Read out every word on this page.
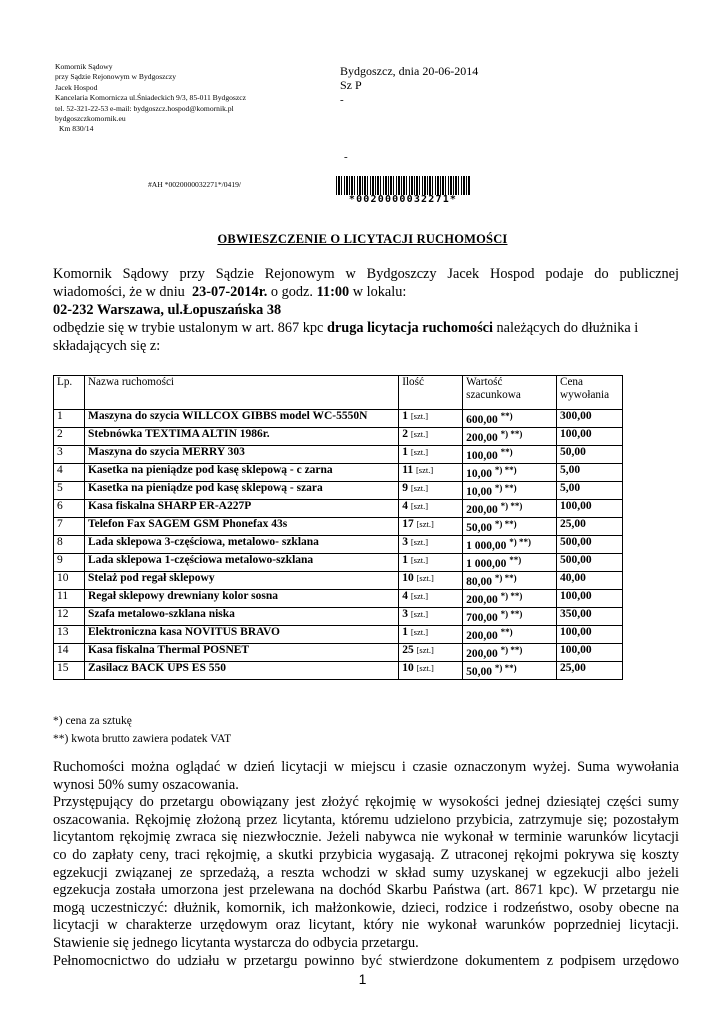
Komornik Sądowy
przy Sądzie Rejonowym w Bydgoszczy
Jacek Hospod
Kancelaria Komornicza ul.Śniadeckich 9/3, 85-011 Bydgoszcz
tel. 52-321-22-53 e-mail: bydgoszcz.hospod@komornik.pl
bydgoszczkomornik.eu
Km 830/14
Bydgoszcz, dnia 20-06-2014
Sz P
-
-
#AH *0020000032271*/0419/
*0020000032271*
OBWIESZCZENIE O LICYTACJI RUCHOMOŚCI

Komornik Sądowy przy Sądzie Rejonowym w Bydgoszczy Jacek Hospod podaje do publicznej

wiadomości, że w dniu 23-07-2014r. o godz. 11:00 w lokalu:

02-232 Warszawa, ul.Łopuszańska 38

odbędzie się w trybie ustalonym w art. 867 kpc druga licytacja ruchomości należących do dłużnika i

składających się z:

Lp.	Nazwa ruchomości	Ilość	Wartość
szacunkowa	Cena
wywołania
1	Maszyna do szycia WILLCOX GIBBS model WC-5550N	1 [szt.]	600,00 **)	300,00
2	Stebnówka TEXTIMA ALTIN 1986r.	2 [szt.]	200,00 *) **)	100,00
3	Maszyna do szycia MERRY 303	1 [szt.]	100,00 **)	50,00
4	Kasetka na pieniądze pod kasę sklepową - c zarna	11 [szt.]	10,00 *) **)	5,00
5	Kasetka na pieniądze pod kasę sklepową - szara	9 [szt.]	10,00 *) **)	5,00
6	Kasa fiskalna SHARP ER-A227P	4 [szt.]	200,00 *) **)	100,00
7	Telefon Fax SAGEM GSM Phonefax 43s	17 [szt.]	50,00 *) **)	25,00
8	Lada sklepowa 3-częściowa, metalowo- szklana	3 [szt.]	1 000,00 *) **)	500,00
9	Lada sklepowa 1-częściowa metalowo-szklana	1 [szt.]	1 000,00 **)	500,00
10	Stelaż pod regał sklepowy	10 [szt.]	80,00 *) **)	40,00
11	Regał sklepowy drewniany kolor sosna	4 [szt.]	200,00 *) **)	100,00
12	Szafa metalowo-szklana niska	3 [szt.]	700,00 *) **)	350,00
13	Elektroniczna kasa NOVITUS BRAVO	1 [szt.]	200,00 **)	100,00
14	Kasa fiskalna Thermal POSNET	25 [szt.]	200,00 *) **)	100,00
15	Zasilacz BACK UPS ES 550	10 [szt.]	50,00 *) **)	25,00
*) cena za sztukę
**) kwota brutto zawiera podatek VAT

Ruchomości można oglądać w dzień licytacji w miejscu i czasie oznaczonym wyżej. Suma wywołania

wynosi 50% sumy oszacowania.

Przystępujący do przetargu obowiązany jest złożyć rękojmię w wysokości jednej dziesiątej części sumy

oszacowania. Rękojmię złożoną przez licytanta, któremu udzielono przybicia, zatrzymuje się; pozostałym

licytantom rękojmię zwraca się niezwłocznie. Jeżeli nabywca nie wykonał w terminie warunków licytacji

co do zapłaty ceny, traci rękojmię, a skutki przybicia wygasają. Z utraconej rękojmi pokrywa się koszty

egzekucji związanej ze sprzedażą, a reszta wchodzi w skład sumy uzyskanej w egzekucji albo jeżeli

egzekucja została umorzona jest przelewana na dochód Skarbu Państwa (art. 8671 kpc). W przetargu nie

mogą uczestniczyć: dłużnik, komornik, ich małżonkowie, dzieci, rodzice i rodzeństwo, osoby obecne na

licytacji w charakterze urzędowym oraz licytant, który nie wykonał warunków poprzedniej licytacji.

Stawienie się jednego licytanta wystarcza do odbycia przetargu.

Pełnomocnictwo do udziału w przetargu powinno być stwierdzone dokumentem z podpisem urzędowo

1
